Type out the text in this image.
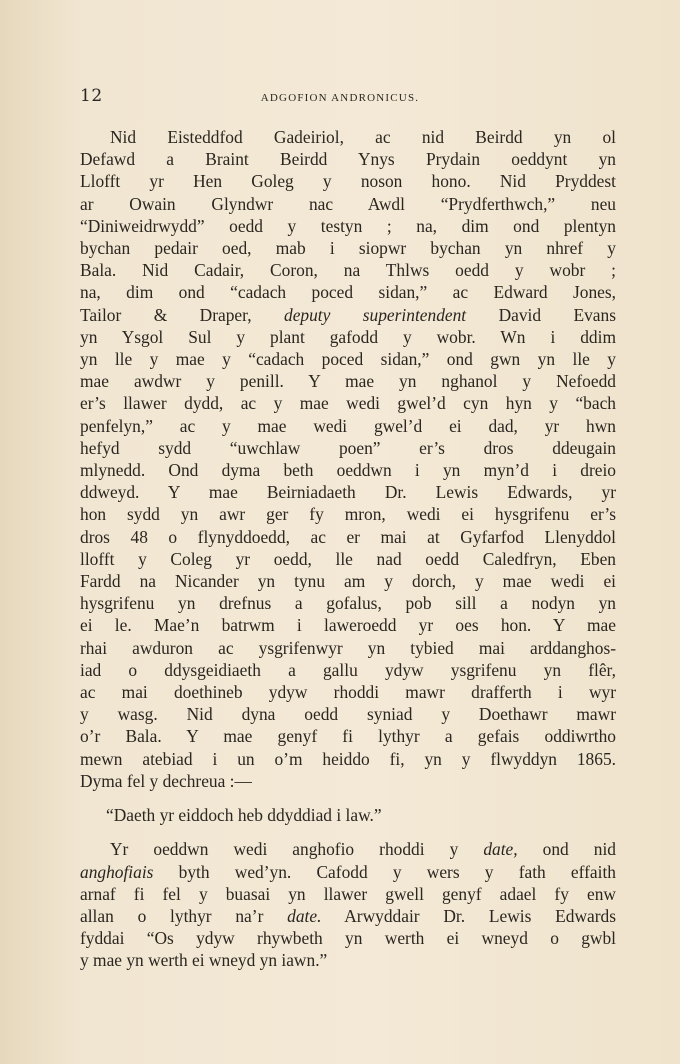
12	ADGOFION ANDRONICUS.
Nid Eisteddfod Gadeiriol, ac nid Beirdd yn ol
Defawd a Braint Beirdd Ynys Prydain oeddynt yn
Llofft yr Hen Goleg y noson hono. Nid Pryddest
ar Owain Glyndwr nac Awdl “Prydferthwch,” neu
“Diniweidrwydd” oedd y testyn ; na, dim ond plentyn
bychan pedair oed, mab i siopwr bychan yn nhref y
Bala. Nid Cadair, Coron, na Thlws oedd y wobr ;
na, dim ond “cadach poced sidan,” ac Edward Jones,
Tailor & Draper, deputy superintendent David Evans
yn Ysgol Sul y plant gafodd y wobr. Wn i ddim
yn lle y mae y “cadach poced sidan,” ond gwn yn lle y
mae awdwr y penill. Y mae yn nghanol y Nefoedd
er’s llawer dydd, ac y mae wedi gwel’d cyn hyn y “bach
penfelyn,” ac y mae wedi gwel’d ei dad, yr hwn
hefyd sydd “uwchlaw poen” er’s dros ddeugain
mlynedd. Ond dyma beth oeddwn i yn myn’d i dreio
ddweyd. Y mae Beirniadaeth Dr. Lewis Edwards, yr
hon sydd yn awr ger fy mron, wedi ei hysgrifenu er’s
dros 48 o flynyddoedd, ac er mai at Gyfarfod Llenyddol
llofft y Coleg yr oedd, lle nad oedd Caledfryn, Eben
Fardd na Nicander yn tynu am y dorch, y mae wedi ei
hysgrifenu yn drefnus a gofalus, pob sill a nodyn yn
ei le. Mae’n batrwm i laweroedd yr oes hon. Y mae
rhai awduron ac ysgrifenwyr yn tybied mai arddanghos-
iad o ddysgeidiaeth a gallu ydyw ysgrifenu yn flêr,
ac mai doethineb ydyw rhoddi mawr drafferth i wyr
y wasg. Nid dyna oedd syniad y Doethawr mawr
o’r Bala. Y mae genyf fi lythyr a gefais oddiwrtho
mewn atebiad i un o’m heiddo fi, yn y flwyddyn 1865.
Dyma fel y dechreua :—
“Daeth yr eiddoch heb ddyddiad i law.”
Yr oeddwn wedi anghofio rhoddi y date, ond nid
anghofiais byth wed’yn. Cafodd y wers y fath effaith
arnaf fi fel y buasai yn llawer gwell genyf adael fy enw
allan o lythyr na’r date. Arwyddair Dr. Lewis Edwards
fyddai “Os ydyw rhywbeth yn werth ei wneyd o gwbl
y mae yn werth ei wneyd yn iawn.”
